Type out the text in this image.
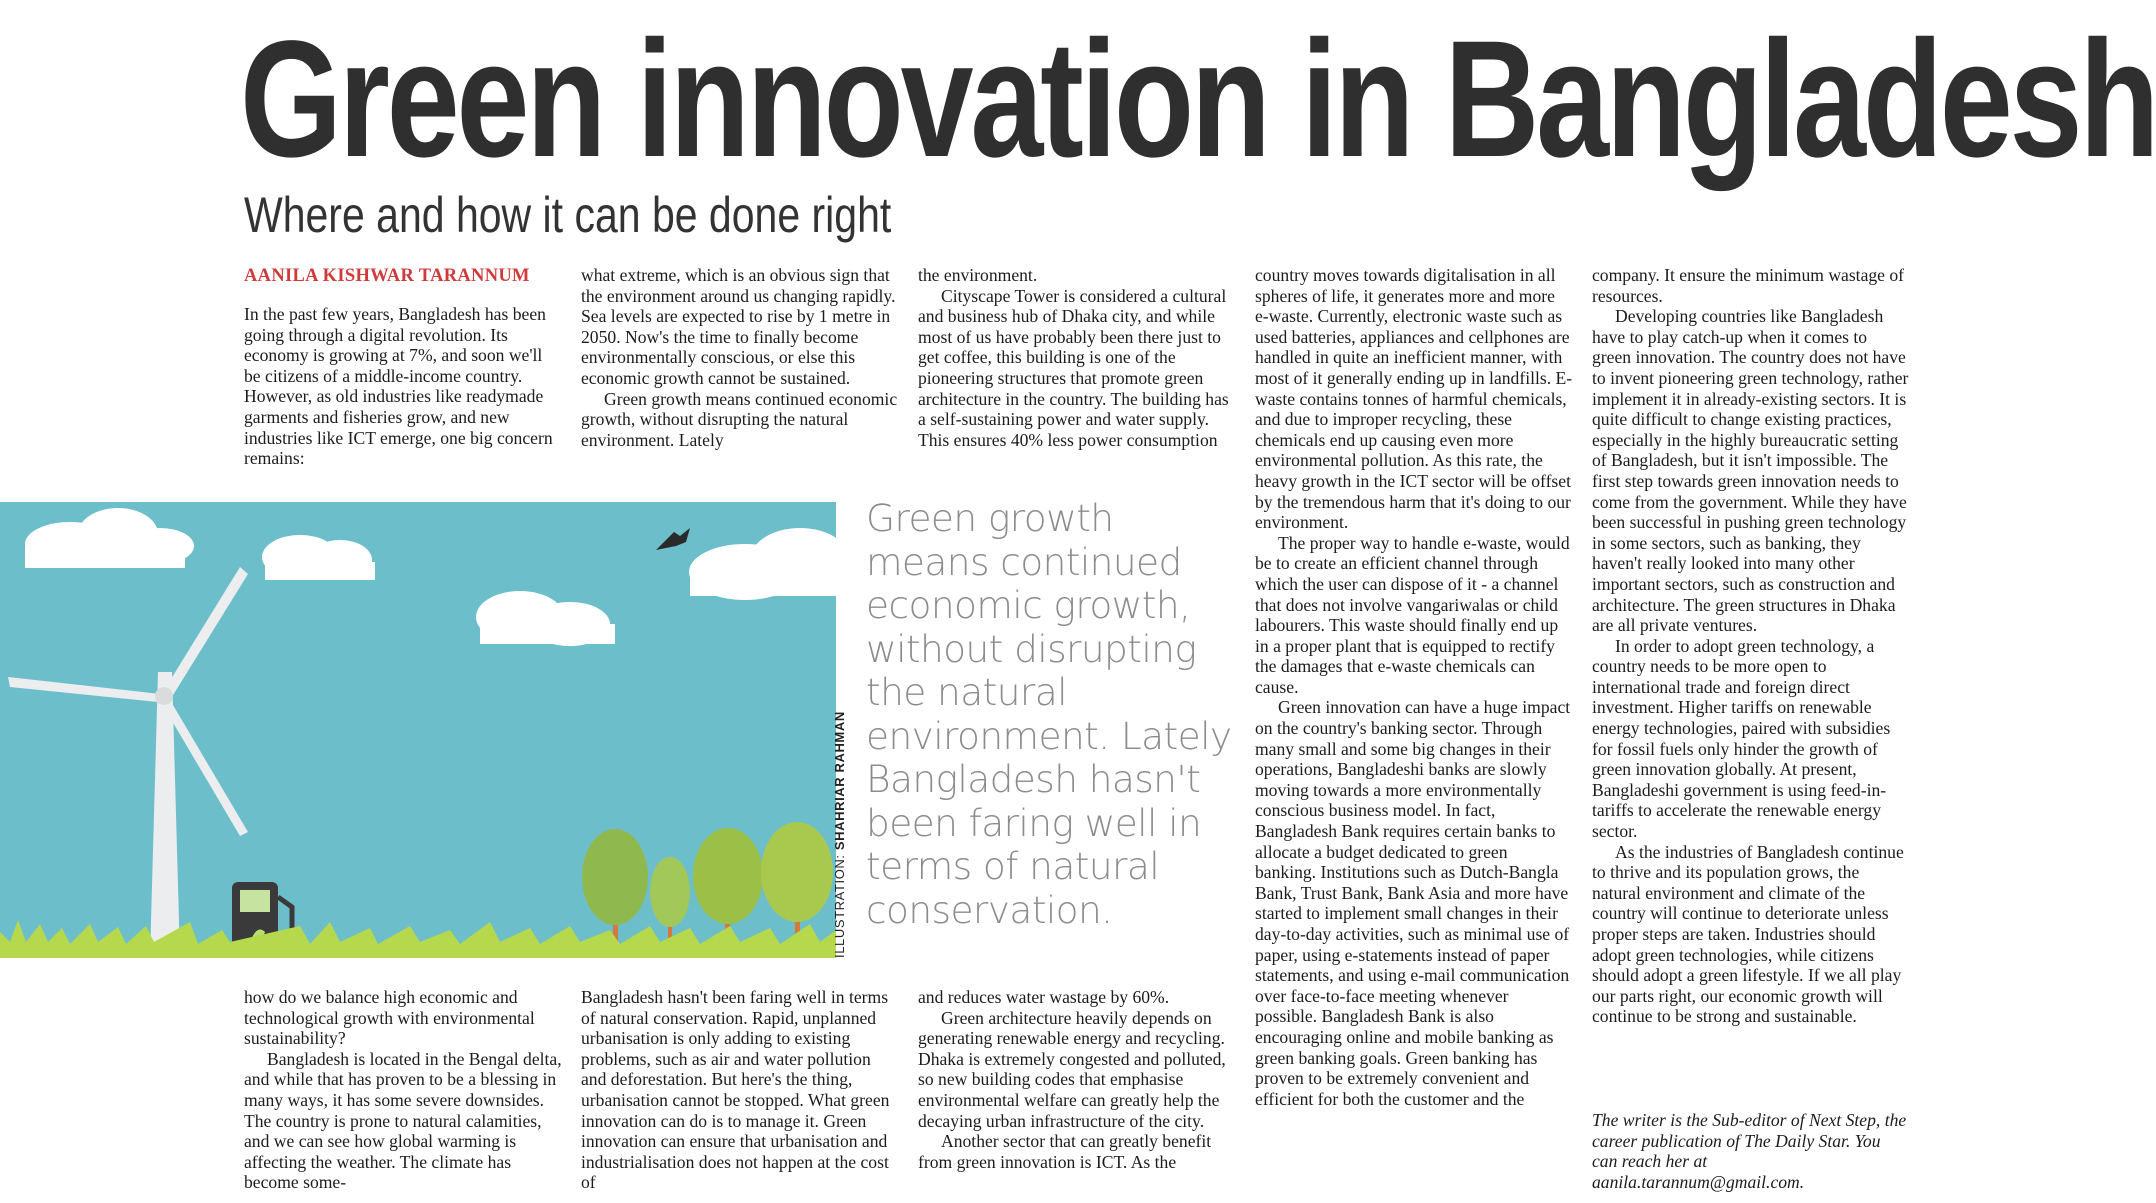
Green innovation in Bangladesh
Where and how it can be done right
AANILA KISHWAR TARANNUM

In the past few years, Bangladesh has been going through a digital revolution. Its economy is growing at 7%, and soon we'll be citizens of a middle-income country. However, as old industries like readymade garments and fisheries grow, and new industries like ICT emerge, one big concern remains:

what extreme, which is an obvious sign that the environment around us changing rapidly. Sea levels are expected to rise by 1 metre in 2050. Now's the time to finally become environmentally conscious, or else this economic growth cannot be sustained.

Green growth means continued economic growth, without disrupting the natural environment. Lately

the environment.

Cityscape Tower is considered a cultural and business hub of Dhaka city, and while most of us have probably been there just to get coffee, this building is one of the pioneering structures that promote green architecture in the country. The building has a self-sustaining power and water supply. This ensures 40% less power consumption

country moves towards digitalisation in all spheres of life, it generates more and more e-waste. Currently, electronic waste such as used batteries, appliances and cellphones are handled in quite an inefficient manner, with most of it generally ending up in landfills. E-waste contains tonnes of harmful chemicals, and due to improper recycling, these chemicals end up causing even more environmental pollution. As this rate, the heavy growth in the ICT sector will be offset by the tremendous harm that it's doing to our environment.

The proper way to handle e-waste, would be to create an efficient channel through which the user can dispose of it - a channel that does not involve vangariwalas or child labourers. This waste should finally end up in a proper plant that is equipped to rectify the damages that e-waste chemicals can cause.

Green innovation can have a huge impact on the country's banking sector. Through many small and some big changes in their operations, Bangladeshi banks are slowly moving towards a more environmentally conscious business model. In fact, Bangladesh Bank requires certain banks to allocate a budget dedicated to green banking. Institutions such as Dutch-Bangla Bank, Trust Bank, Bank Asia and more have started to implement small changes in their day-to-day activities, such as minimal use of paper, using e-statements instead of paper statements, and using e-mail communication over face-to-face meeting whenever possible. Bangladesh Bank is also encouraging online and mobile banking as green banking goals. Green banking has proven to be extremely convenient and efficient for both the customer and the

company. It ensure the minimum wastage of resources.

Developing countries like Bangladesh have to play catch-up when it comes to green innovation. The country does not have to invent pioneering green technology, rather implement it in already-existing sectors. It is quite difficult to change existing practices, especially in the highly bureaucratic setting of Bangladesh, but it isn't impossible. The first step towards green innovation needs to come from the government. While they have been successful in pushing green technology in some sectors, such as banking, they haven't really looked into many other important sectors, such as construction and architecture. The green structures in Dhaka are all private ventures.

In order to adopt green technology, a country needs to be more open to international trade and foreign direct investment. Higher tariffs on renewable energy technologies, paired with subsidies for fossil fuels only hinder the growth of green innovation globally. At present, Bangladeshi government is using feed-in-tariffs to accelerate the renewable energy sector.

As the industries of Bangladesh continue to thrive and its population grows, the natural environment and climate of the country will continue to deteriorate unless proper steps are taken. Industries should adopt green technologies, while citizens should adopt a green lifestyle. If we all play our parts right, our economic growth will continue to be strong and sustainable.

ILLUSTRATION: SHAHRIAR RAHMAN
Green growth means continued economic growth, without disrupting the natural environment. Lately Bangladesh hasn't been faring well in terms of natural conservation.

how do we balance high economic and technological growth with environmental sustainability?

Bangladesh is located in the Bengal delta, and while that has proven to be a blessing in many ways, it has some severe downsides. The country is prone to natural calamities, and we can see how global warming is affecting the weather. The climate has become some-

Bangladesh hasn't been faring well in terms of natural conservation. Rapid, unplanned urbanisation is only adding to existing problems, such as air and water pollution and deforestation. But here's the thing, urbanisation cannot be stopped. What green innovation can do is to manage it. Green innovation can ensure that urbanisation and industrialisation does not happen at the cost of

and reduces water wastage by 60%.

Green architecture heavily depends on generating renewable energy and recycling. Dhaka is extremely congested and polluted, so new building codes that emphasise environmental welfare can greatly help the decaying urban infrastructure of the city.

Another sector that can greatly benefit from green innovation is ICT. As the

The writer is the Sub-editor of Next Step, the career publication of The Daily Star. You can reach her at aanila.tarannum@gmail.com.
